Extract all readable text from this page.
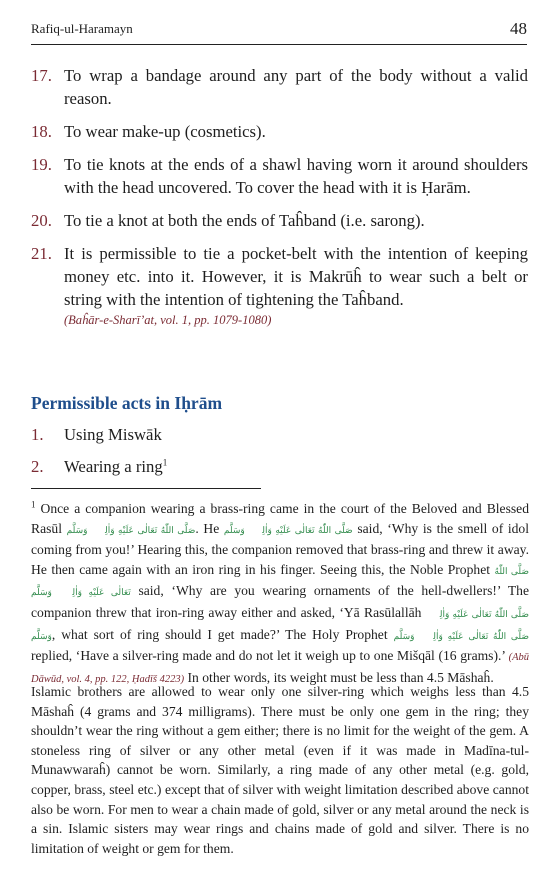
Rafiq-ul-Haramayn	48
17. To wrap a bandage around any part of the body without a valid reason.
18. To wear make-up (cosmetics).
19. To tie knots at the ends of a shawl having worn it around shoulders with the head uncovered. To cover the head with it is Ḥarām.
20. To tie a knot at both the ends of Taĥband (i.e. sarong).
21. It is permissible to tie a pocket-belt with the intention of keeping money etc. into it. However, it is Makrūĥ to wear such a belt or string with the intention of tightening the Taĥband.
(Baĥār-e-Sharī’at, vol. 1, pp. 1079-1080)
Permissible acts in Iḥrām
1.	Using Miswāk
2.	Wearing a ring$^1$
$^1$ Once a companion wearing a brass-ring came in the court of the Beloved and Blessed Rasūl صَلَّى اللّٰهُ تَعَالٰى عَلَيْهِ وَاٰلِهٖ وَسَلَّم. He صَلَّى اللّٰهُ تَعَالٰى عَلَيْهِ وَاٰلِهٖ وَسَلَّم said, ‘Why is the smell of idol coming from you!’ Hearing this, the companion removed that brass-ring and threw it away. He then came again with an iron ring in his finger. Seeing this, the Noble Prophet صَلَّى اللّٰهُ تَعَالٰى عَلَيْهِ وَاٰلِهٖ وَسَلَّم said, ‘Why are you wearing ornaments of the hell-dwellers!’ The companion threw that iron-ring away either and asked, ‘Yā Rasūlallāh صَلَّى اللّٰهُ تَعَالٰى عَلَيْهِ وَاٰلِهٖ وَسَلَّم, what sort of ring should I get made?’ The Holy Prophet صَلَّى اللّٰهُ تَعَالٰى عَلَيْهِ وَاٰلِهٖ وَسَلَّم replied, ‘Have a silver-ring made and do not let it weigh up to one Mišqāl (16 grams).’ (Abū Dāwūd, vol. 4, pp. 122, Ḥadīš 4223) In other words, its weight must be less than 4.5 Māshaĥ.
Islamic brothers are allowed to wear only one silver-ring which weighs less than 4.5 Māshaĥ (4 grams and 374 milligrams). There must be only one gem in the ring; they shouldn’t wear the ring without a gem either; there is no limit for the weight of the gem. A stoneless ring of silver or any other metal (even if it was made in Madīna-tul-Munawwaraĥ) cannot be worn. Similarly, a ring made of any other metal (e.g. gold, copper, brass, steel etc.) except that of silver with weight limitation described above cannot also be worn. For men to wear a chain made of gold, silver or any metal around the neck is a sin. Islamic sisters may wear rings and chains made of gold and silver. There is no limitation of weight or gem for them.
